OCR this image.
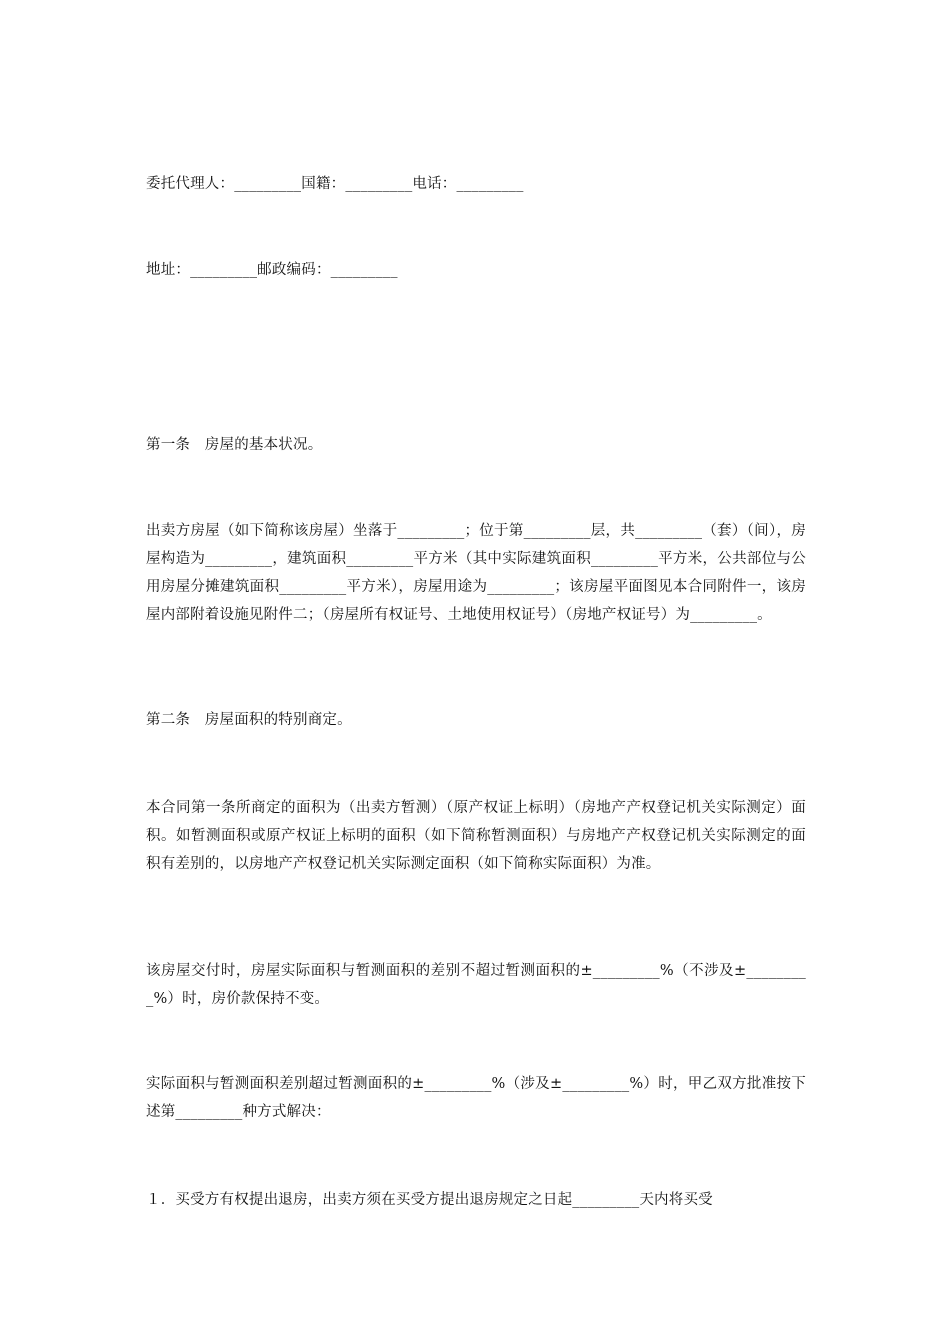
委托代理人：_________国籍：_________电话：_________
地址：_________邮政编码：_________
第一条　房屋的基本状况。
出卖方房屋（如下简称该房屋）坐落于_________；位于第_________层，共_________（套）（间），房屋构造为_________，建筑面积_________平方米（其中实际建筑面积_________平方米，公共部位与公用房屋分摊建筑面积_________平方米），房屋用途为_________；该房屋平面图见本合同附件一，该房屋内部附着设施见附件二；（房屋所有权证号、土地使用权证号）（房地产权证号）为_________。
第二条　房屋面积的特别商定。
本合同第一条所商定的面积为（出卖方暂测）（原产权证上标明）（房地产产权登记机关实际测定）面积。如暂测面积或原产权证上标明的面积（如下简称暂测面积）与房地产产权登记机关实际测定的面积有差别的，以房地产产权登记机关实际测定面积（如下简称实际面积）为准。
该房屋交付时，房屋实际面积与暂测面积的差别不超过暂测面积的±_________%（不涉及±_________%）时，房价款保持不变。
实际面积与暂测面积差别超过暂测面积的±_________%（涉及±_________%）时，甲乙双方批准按下述第_________种方式解决：
１．买受方有权提出退房，出卖方须在买受方提出退房规定之日起_________天内将买受
